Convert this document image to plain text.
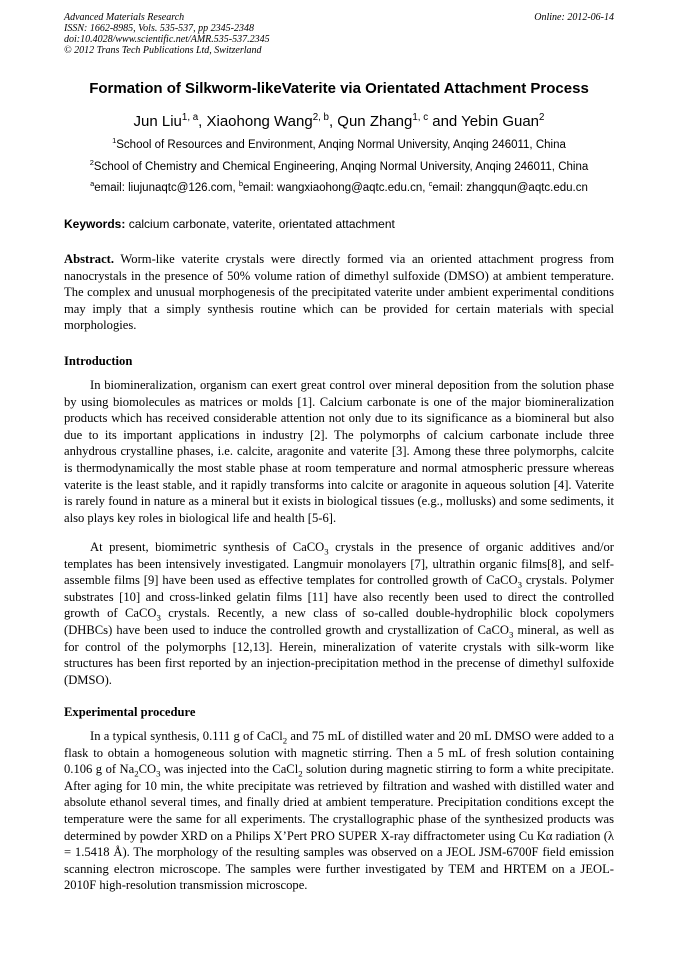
Advanced Materials Research
ISSN: 1662-8985, Vols. 535-537, pp 2345-2348
doi:10.4028/www.scientific.net/AMR.535-537.2345
© 2012 Trans Tech Publications Ltd, Switzerland
Online: 2012-06-14
Formation of Silkworm-likeVaterite via Orientated Attachment Process
Jun Liu$^{1, a}$, Xiaohong Wang$^{2, b}$, Qun Zhang$^{1, c}$ and Yebin Guan$^2$
$^1$School of Resources and Environment, Anqing Normal University, Anqing 246011, China
$^2$School of Chemistry and Chemical Engineering, Anqing Normal University, Anqing 246011, China
$^a$email: liujunaqtc@126.com, $^b$email: wangxiaohong@aqtc.edu.cn, $^c$email: zhangqun@aqtc.edu.cn
Keywords: calcium carbonate, vaterite, orientated attachment
Abstract. Worm-like vaterite crystals were directly formed via an oriented attachment progress from nanocrystals in the presence of 50% volume ration of dimethyl sulfoxide (DMSO) at ambient temperature. The complex and unusual morphogenesis of the precipitated vaterite under ambient experimental conditions may imply that a simply synthesis routine which can be provided for certain materials with special morphologies.
Introduction

In biomineralization, organism can exert great control over mineral deposition from the solution phase by using biomolecules as matrices or molds [1]. Calcium carbonate is one of the major biomineralization products which has received considerable attention not only due to its significance as a biomineral but also due to its important applications in industry [2]. The polymorphs of calcium carbonate include three anhydrous crystalline phases, i.e. calcite, aragonite and vaterite [3]. Among these three polymorphs, calcite is thermodynamically the most stable phase at room temperature and normal atmospheric pressure whereas vaterite is the least stable, and it rapidly transforms into calcite or aragonite in aqueous solution [4]. Vaterite is rarely found in nature as a mineral but it exists in biological tissues (e.g., mollusks) and some sediments, it also plays key roles in biological life and health [5-6].

At present, biomimetric synthesis of CaCO$_3$ crystals in the presence of organic additives and/or templates has been intensively investigated. Langmuir monolayers [7], ultrathin organic films[8], and self-assemble films [9] have been used as effective templates for controlled growth of CaCO$_3$ crystals. Polymer substrates [10] and cross-linked gelatin films [11] have also recently been used to direct the controlled growth of CaCO$_3$ crystals. Recently, a new class of so-called double-hydrophilic block copolymers (DHBCs) have been used to induce the controlled growth and crystallization of CaCO$_3$ mineral, as well as for control of the polymorphs [12,13]. Herein, mineralization of vaterite crystals with silk-worm like structures has been first reported by an injection-precipitation method in the precense of dimethyl sulfoxide (DMSO).

Experimental procedure

In a typical synthesis, 0.111 g of CaCl$_2$ and 75 mL of distilled water and 20 mL DMSO were added to a flask to obtain a homogeneous solution with magnetic stirring. Then a 5 mL of fresh solution containing 0.106 g of $Na_2CO_3$ was injected into the CaCl$_2$ solution during magnetic stirring to form a white precipitate. After aging for 10 min, the white precipitate was retrieved by filtration and washed with distilled water and absolute ethanol several times, and finally dried at ambient temperature. Precipitation conditions except the temperature were the same for all experiments. The crystallographic phase of the synthesized products was determined by powder XRD on a Philips X’Pert PRO SUPER X-ray diffractometer using Cu Kα radiation (λ = 1.5418 Å). The morphology of the resulting samples was observed on a JEOL JSM-6700F field emission scanning electron microscope. The samples were further investigated by TEM and HRTEM on a JEOL-2010F high-resolution transmission microscope.
